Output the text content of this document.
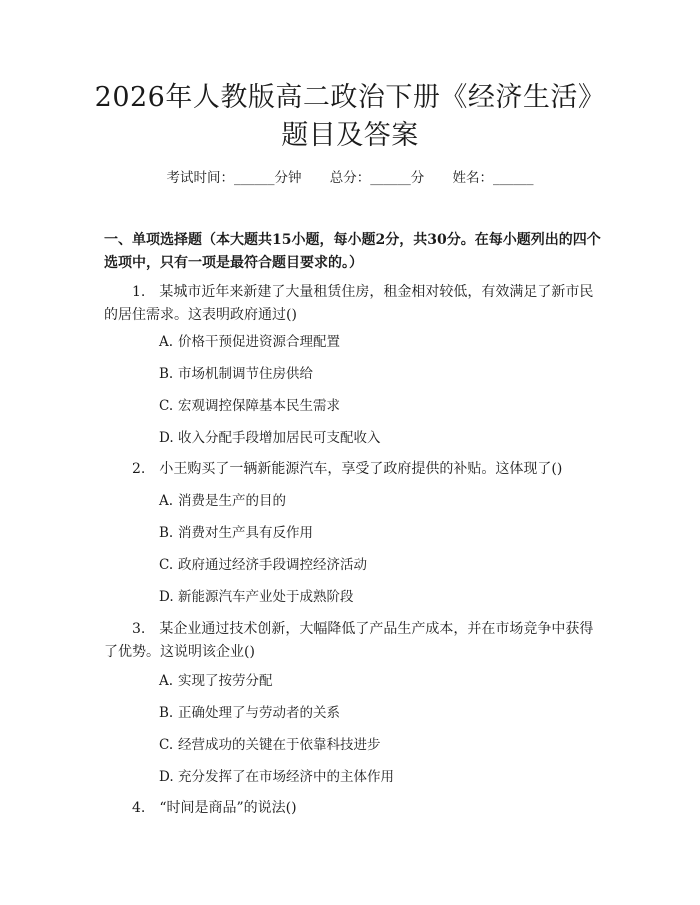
2026年人教版高二政治下册《经济生活》题目及答案
考试时间：______分钟 总分：______分 姓名：______

一、单项选择题（本大题共15小题，每小题2分，共30分。在每小题列出的四个选项中，只有一项是最符合题目要求的。）

1. 某城市近年来新建了大量租赁住房，租金相对较低，有效满足了新市民的居住需求。这表明政府通过()

A. 价格干预促进资源合理配置
B. 市场机制调节住房供给
C. 宏观调控保障基本民生需求
D. 收入分配手段增加居民可支配收入

2. 小王购买了一辆新能源汽车，享受了政府提供的补贴。这体现了()

A. 消费是生产的目的
B. 消费对生产具有反作用
C. 政府通过经济手段调控经济活动
D. 新能源汽车产业处于成熟阶段

3. 某企业通过技术创新，大幅降低了产品生产成本，并在市场竞争中获得了优势。这说明该企业()

A. 实现了按劳分配
B. 正确处理了与劳动者的关系
C. 经营成功的关键在于依靠科技进步
D. 充分发挥了在市场经济中的主体作用

4. “时间是商品”的说法()
